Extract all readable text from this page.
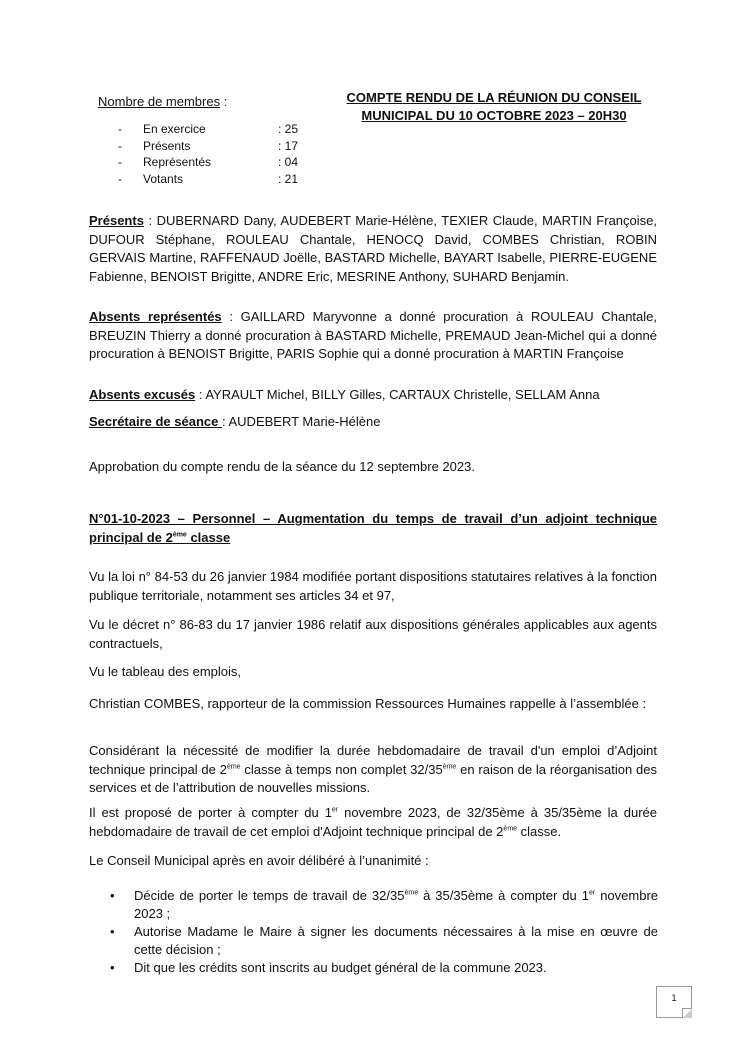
Nombre de membres :
-	En exercice	: 25
-	Présents	: 17
-	Représentés	: 04
-	Votants	: 21
COMPTE RENDU DE LA RÉUNION DU CONSEIL
MUNICIPAL DU 10 OCTOBRE 2023 – 20H30

Présents : DUBERNARD Dany, AUDEBERT Marie-Hélène, TEXIER Claude, MARTIN Françoise, DUFOUR Stéphane, ROULEAU Chantale, HENOCQ David, COMBES Christian, ROBIN GERVAIS Martine, RAFFENAUD Joëlle, BASTARD Michelle, BAYART Isabelle, PIERRE-EUGENE Fabienne, BENOIST Brigitte, ANDRE Eric, MESRINE Anthony, SUHARD Benjamin.

Absents représentés : GAILLARD Maryvonne a donné procuration à ROULEAU Chantale, BREUZIN Thierry a donné procuration à BASTARD Michelle, PREMAUD Jean-Michel qui a donné procuration à BENOIST Brigitte, PARIS Sophie qui a donné procuration à MARTIN Françoise

Absents excusés : AYRAULT Michel, BILLY Gilles, CARTAUX Christelle, SELLAM Anna

Secrétaire de séance : AUDEBERT Marie-Hélène

Approbation du compte rendu de la séance du 12 septembre 2023.

N°01-10-2023 – Personnel – Augmentation du temps de travail d’un adjoint technique principal de 2ème classe

Vu la loi n° 84-53 du 26 janvier 1984 modifiée portant dispositions statutaires relatives à la fonction publique territoriale, notamment ses articles 34 et 97,

Vu le décret n° 86-83 du 17 janvier 1986 relatif aux dispositions générales applicables aux agents contractuels,

Vu le tableau des emplois,

Christian COMBES, rapporteur de la commission Ressources Humaines rappelle à l’assemblée :

Considérant la nécessité de modifier la durée hebdomadaire de travail d'un emploi d’Adjoint technique principal de 2ème classe à temps non complet 32/35ème en raison de la réorganisation des services et de l’attribution de nouvelles missions.

Il est proposé de porter à compter du 1er novembre 2023, de 32/35ème à 35/35ème la durée hebdomadaire de travail de cet emploi d'Adjoint technique principal de 2ème classe.

Le Conseil Municipal après en avoir délibéré à l’unanimité :

•	Décide de porter le temps de travail de 32/35ème à 35/35ème à compter du 1er novembre 2023 ;
•	Autorise Madame le Maire à signer les documents nécessaires à la mise en œuvre de cette décision ;
•	Dit que les crédits sont inscrits au budget général de la commune 2023.
1
